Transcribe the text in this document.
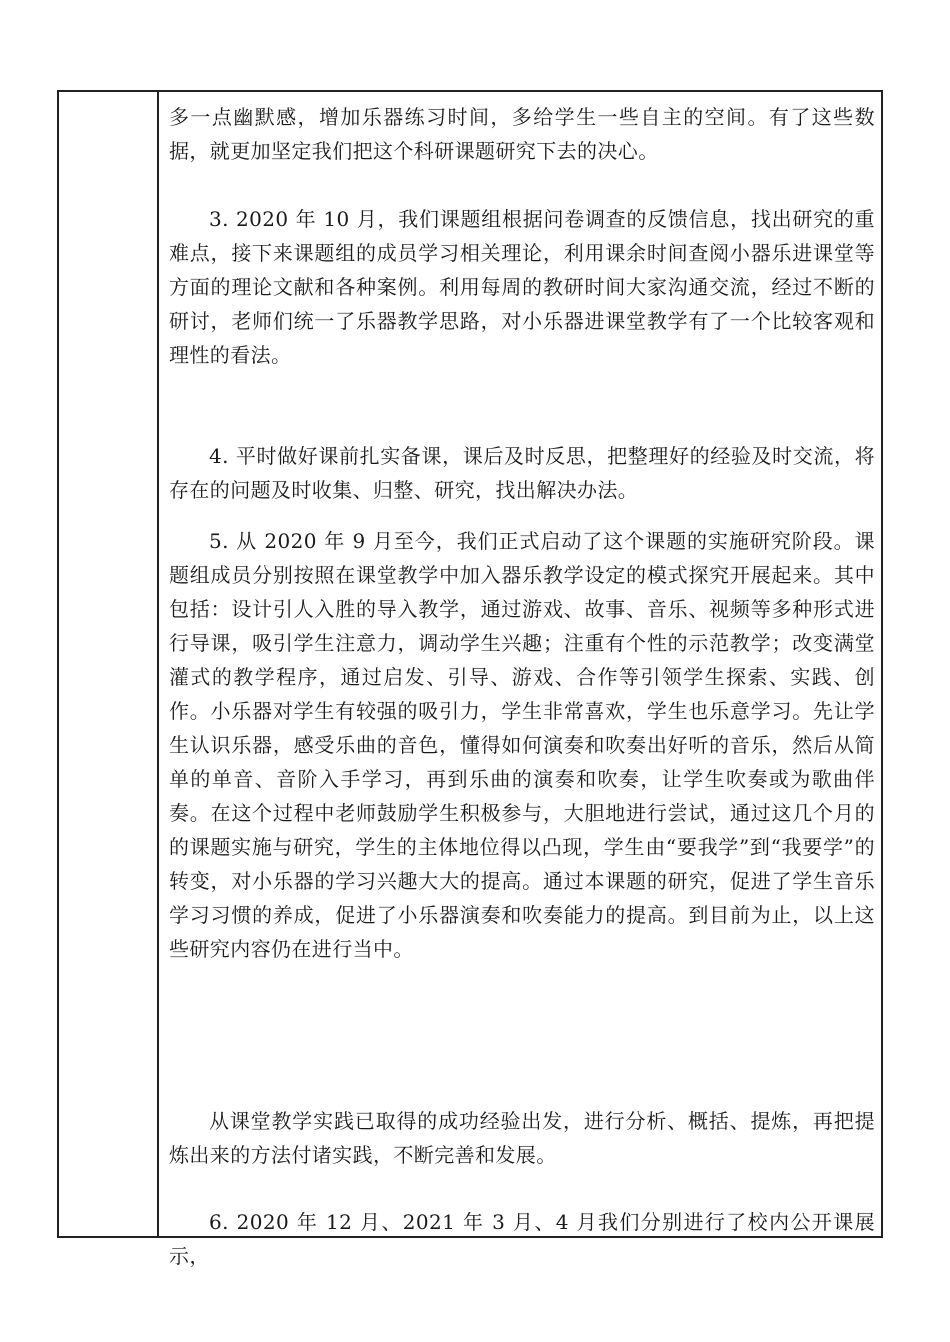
多一点幽默感，增加乐器练习时间，多给学生一些自主的空间。有了这些数据，就更加坚定我们把这个科研课题研究下去的决心。

3. 2020 年 10 月，我们课题组根据问卷调查的反馈信息，找出研究的重难点，接下来课题组的成员学习相关理论，利用课余时间查阅小器乐进课堂等方面的理论文献和各种案例。利用每周的教研时间大家沟通交流，经过不断的研讨，老师们统一了乐器教学思路，对小乐器进课堂教学有了一个比较客观和理性的看法。

4. 平时做好课前扎实备课，课后及时反思，把整理好的经验及时交流，将存在的问题及时收集、归整、研究，找出解决办法。

5. 从 2020 年 9 月至今，我们正式启动了这个课题的实施研究阶段。课题组成员分别按照在课堂教学中加入器乐教学设定的模式探究开展起来。其中包括：设计引人入胜的导入教学，通过游戏、故事、音乐、视频等多种形式进行导课，吸引学生注意力，调动学生兴趣；注重有个性的示范教学；改变满堂灌式的教学程序，通过启发、引导、游戏、合作等引领学生探索、实践、创作。小乐器对学生有较强的吸引力，学生非常喜欢，学生也乐意学习。先让学生认识乐器，感受乐曲的音色，懂得如何演奏和吹奏出好听的音乐，然后从简单的单音、音阶入手学习，再到乐曲的演奏和吹奏，让学生吹奏或为歌曲伴奏。在这个过程中老师鼓励学生积极参与，大胆地进行尝试，通过这几个月的的课题实施与研究，学生的主体地位得以凸现，学生由“要我学”到“我要学”的转变，对小乐器的学习兴趣大大的提高。通过本课题的研究，促进了学生音乐学习习惯的养成，促进了小乐器演奏和吹奏能力的提高。到目前为止，以上这些研究内容仍在进行当中。

从课堂教学实践已取得的成功经验出发，进行分析、概括、提炼，再把提炼出来的方法付诸实践，不断完善和发展。

6. 2020 年 12 月、2021 年 3 月、4 月我们分别进行了校内公开课展示，
